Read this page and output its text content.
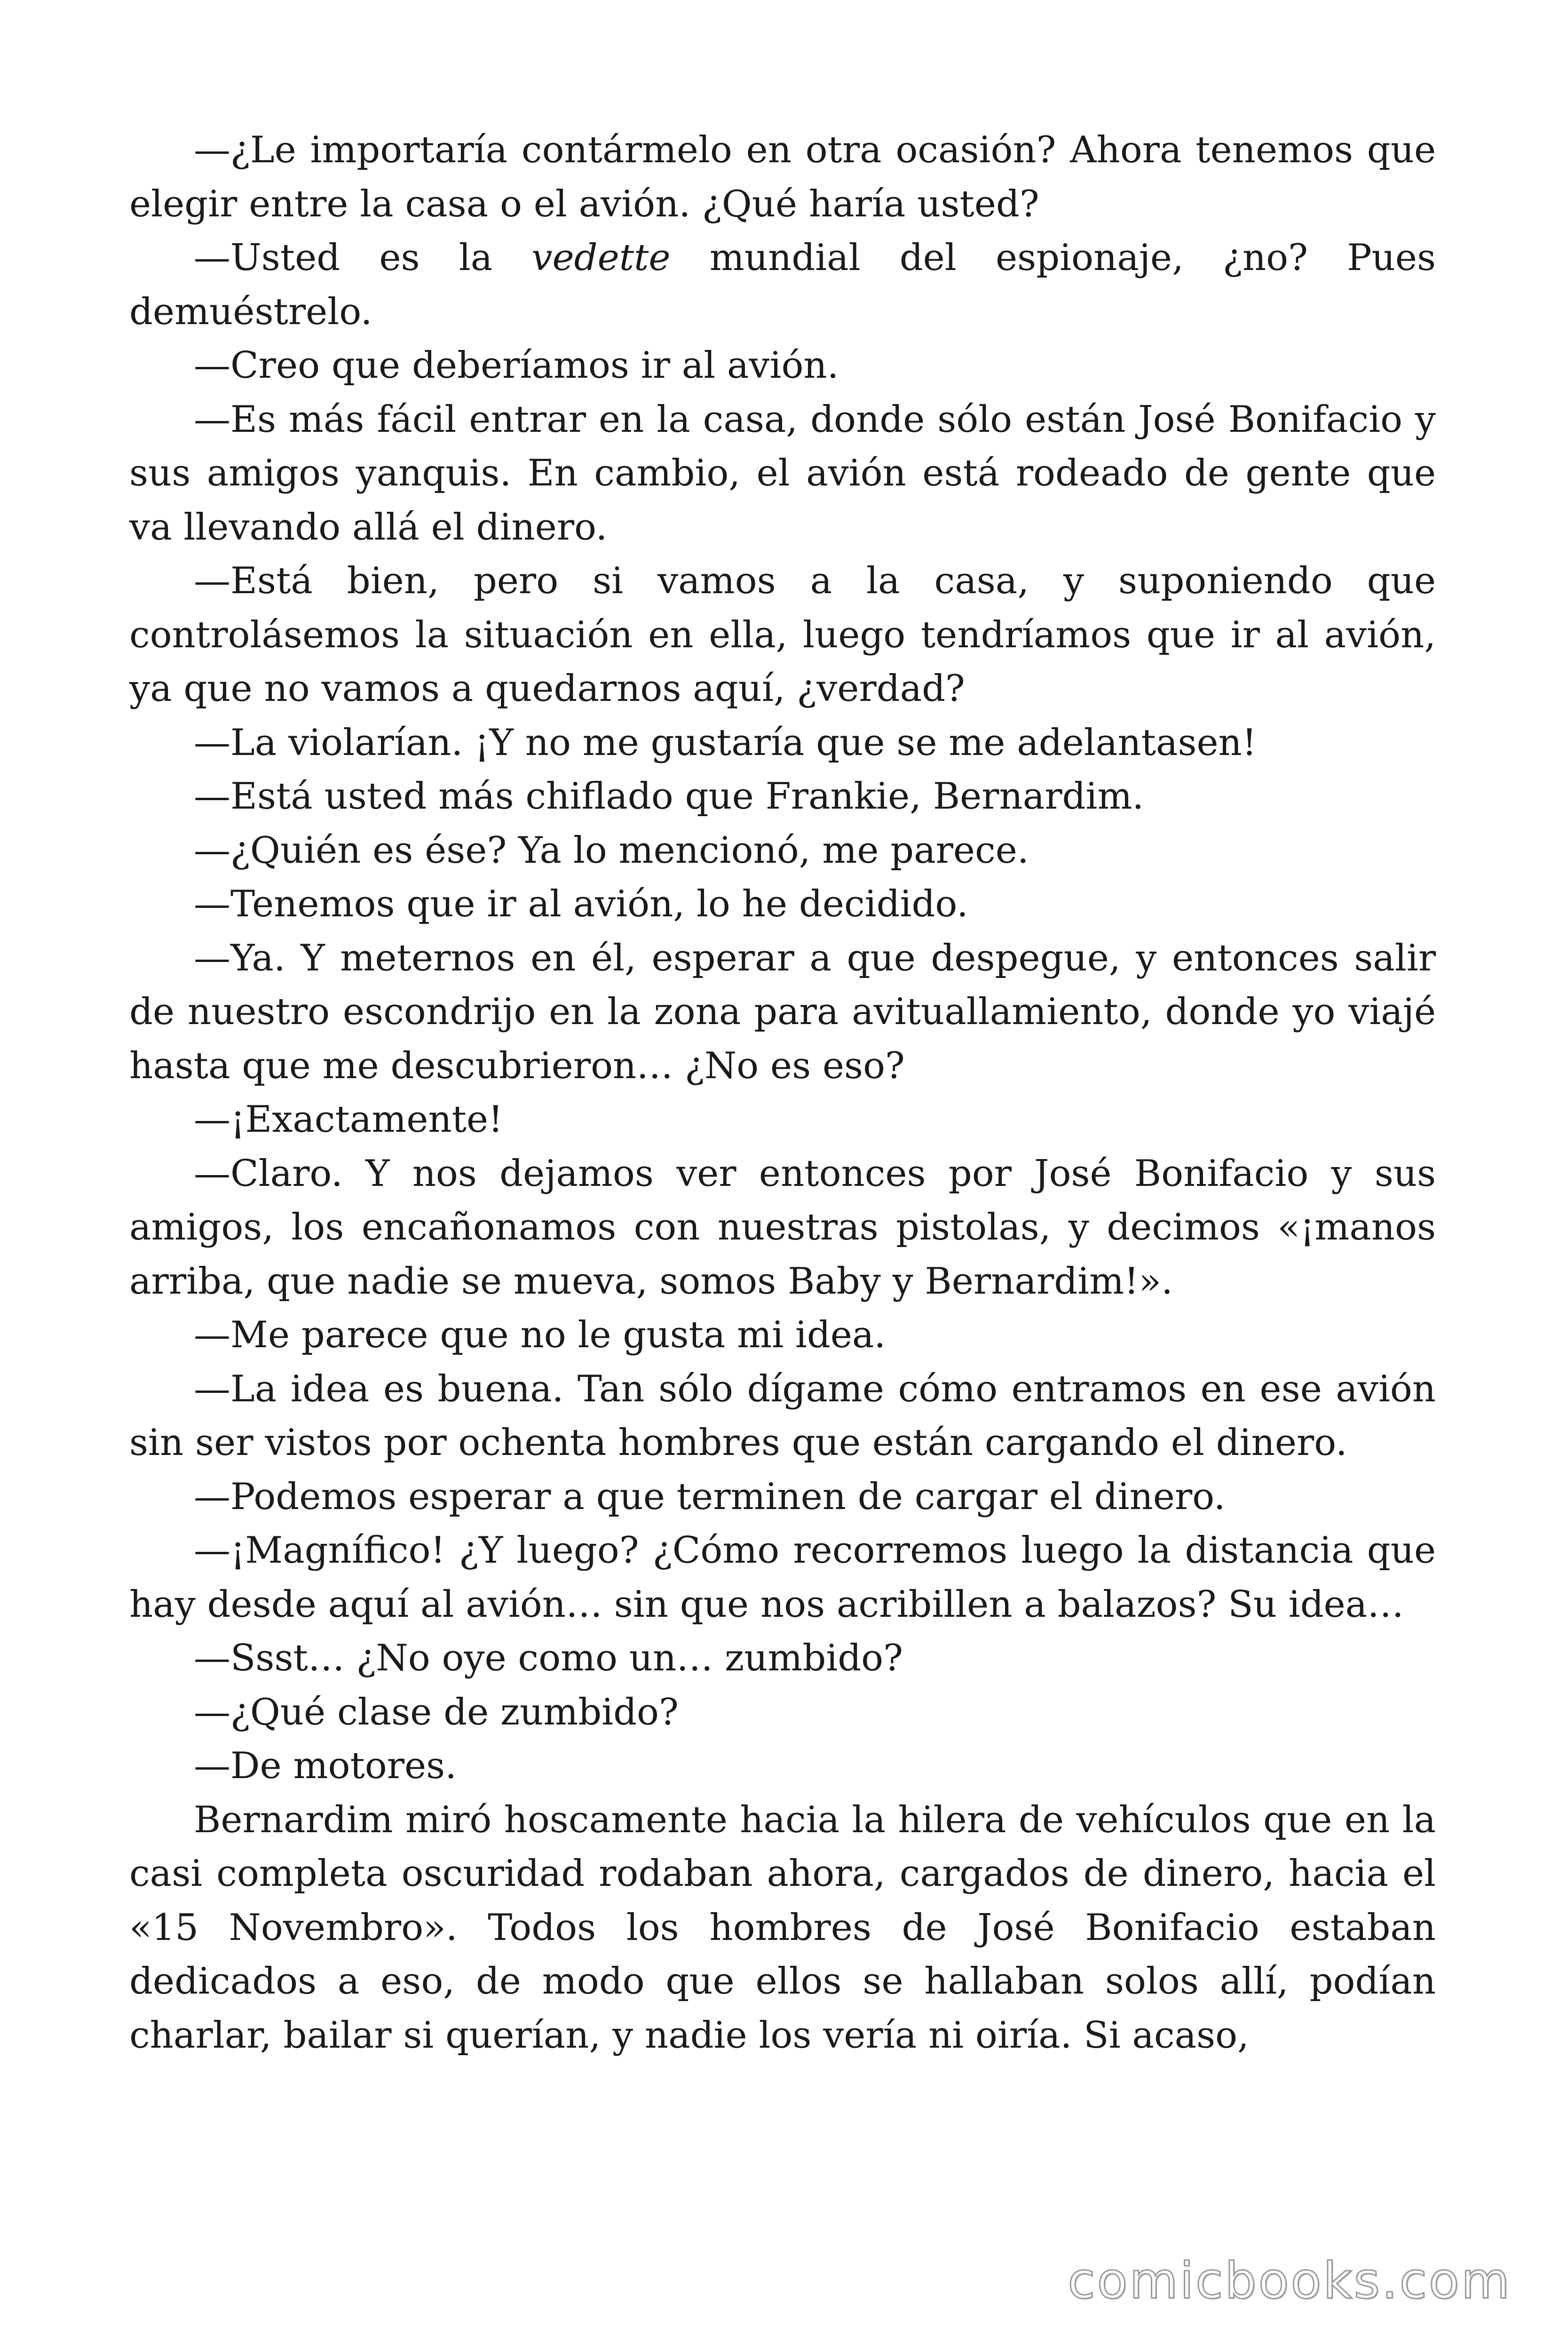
—¿Le importaría contármelo en otra ocasión? Ahora tenemos que elegir entre la casa o el avión. ¿Qué haría usted?

—Usted es la vedette mundial del espionaje, ¿no? Pues demuéstrelo.

—Creo que deberíamos ir al avión.

—Es más fácil entrar en la casa, donde sólo están José Bonifacio y sus amigos yanquis. En cambio, el avión está rodeado de gente que va llevando allá el dinero.

—Está bien, pero si vamos a la casa, y suponiendo que controlásemos la situación en ella, luego tendríamos que ir al avión, ya que no vamos a quedarnos aquí, ¿verdad?

—La violarían. ¡Y no me gustaría que se me adelantasen!

—Está usted más chiflado que Frankie, Bernardim.

—¿Quién es ése? Ya lo mencionó, me parece.

—Tenemos que ir al avión, lo he decidido.

—Ya. Y meternos en él, esperar a que despegue, y entonces salir de nuestro escondrijo en la zona para avituallamiento, donde yo viajé hasta que me descubrieron… ¿No es eso?

—¡Exactamente!

—Claro. Y nos dejamos ver entonces por José Bonifacio y sus amigos, los encañonamos con nuestras pistolas, y decimos «¡manos arriba, que nadie se mueva, somos Baby y Bernardim!».

—Me parece que no le gusta mi idea.

—La idea es buena. Tan sólo dígame cómo entramos en ese avión sin ser vistos por ochenta hombres que están cargando el dinero.

—Podemos esperar a que terminen de cargar el dinero.

—¡Magnífico! ¿Y luego? ¿Cómo recorremos luego la distancia que hay desde aquí al avión… sin que nos acribillen a balazos? Su idea…

—Ssst… ¿No oye como un… zumbido?

—¿Qué clase de zumbido?

—De motores.

Bernardim miró hoscamente hacia la hilera de vehículos que en la casi completa oscuridad rodaban ahora, cargados de dinero, hacia el «15 Novembro». Todos los hombres de José Bonifacio estaban dedicados a eso, de modo que ellos se hallaban solos allí, podían charlar, bailar si querían, y nadie los vería ni oiría. Si acaso,

comicbooks.com
